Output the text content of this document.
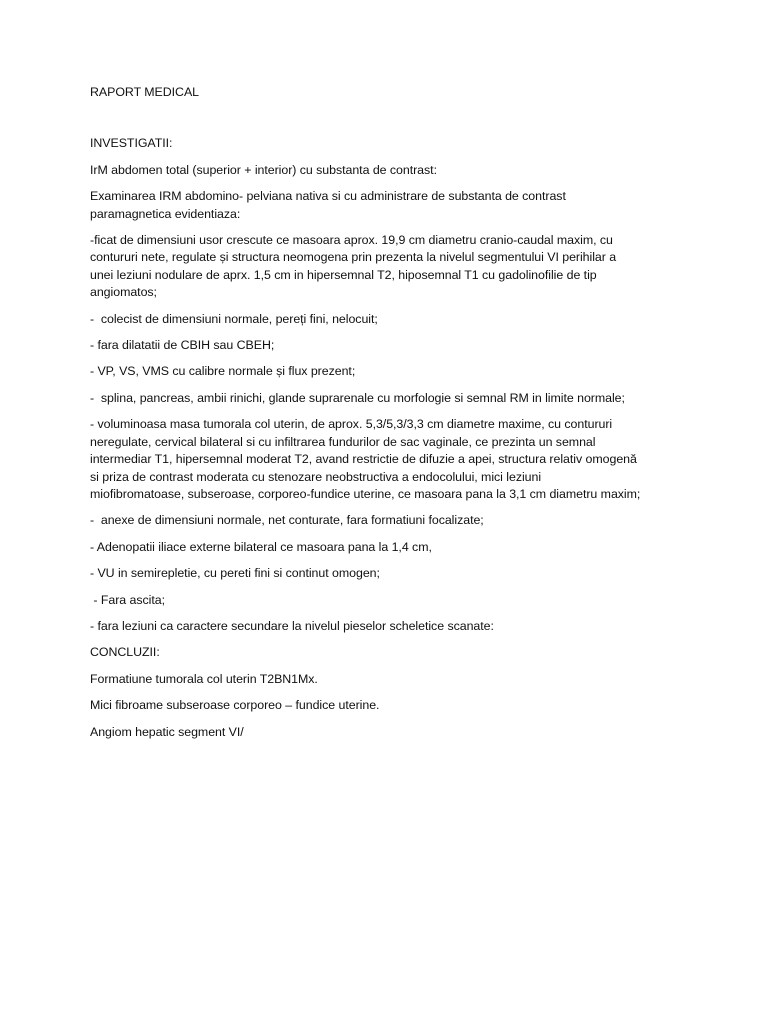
RAPORT MEDICAL

INVESTIGATII:
IrM abdomen total (superior + interior) cu substanta de contrast:
Examinarea IRM abdomino- pelviana nativa si cu administrare de substanta de contrast
paramagnetica evidentiaza:
-ficat de dimensiuni usor crescute ce masoara aprox. 19,9 cm diametru cranio-caudal maxim, cu
contururi nete, regulate și structura neomogena prin prezenta la nivelul segmentului VI perihilar a
unei leziuni nodulare de aprx. 1,5 cm in hipersemnal T2, hiposemnal T1 cu gadolinofilie de tip
angiomatos;
-  colecist de dimensiuni normale, pereți fini, nelocuit;
- fara dilatatii de CBIH sau CBEH;
- VP, VS, VMS cu calibre normale și flux prezent;
-  splina, pancreas, ambii rinichi, glande suprarenale cu morfologie si semnal RM in limite normale;
- voluminoasa masa tumorala col uterin, de aprox. 5,3/5,3/3,3 cm diametre maxime, cu contururi
neregulate, cervical bilateral si cu infiltrarea fundurilor de sac vaginale, ce prezinta un semnal
intermediar T1, hipersemnal moderat T2, avand restrictie de difuzie a apei, structura relativ omogenă
si priza de contrast moderata cu stenozare neobstructiva a endocolului, mici leziuni
miofibromatoase, subseroase, corporeo-fundice uterine, ce masoara pana la 3,1 cm diametru maxim;
-  anexe de dimensiuni normale, net conturate, fara formatiuni focalizate;
- Adenopatii iliace externe bilateral ce masoara pana la 1,4 cm,
- VU in semirepletie, cu pereti fini si continut omogen;
- Fara ascita;
- fara leziuni ca caractere secundare la nivelul pieselor scheletice scanate:
CONCLUZII:
Formatiune tumorala col uterin T2BN1Mx.
Mici fibroame subseroase corporeo – fundice uterine.
Angiom hepatic segment VI/
